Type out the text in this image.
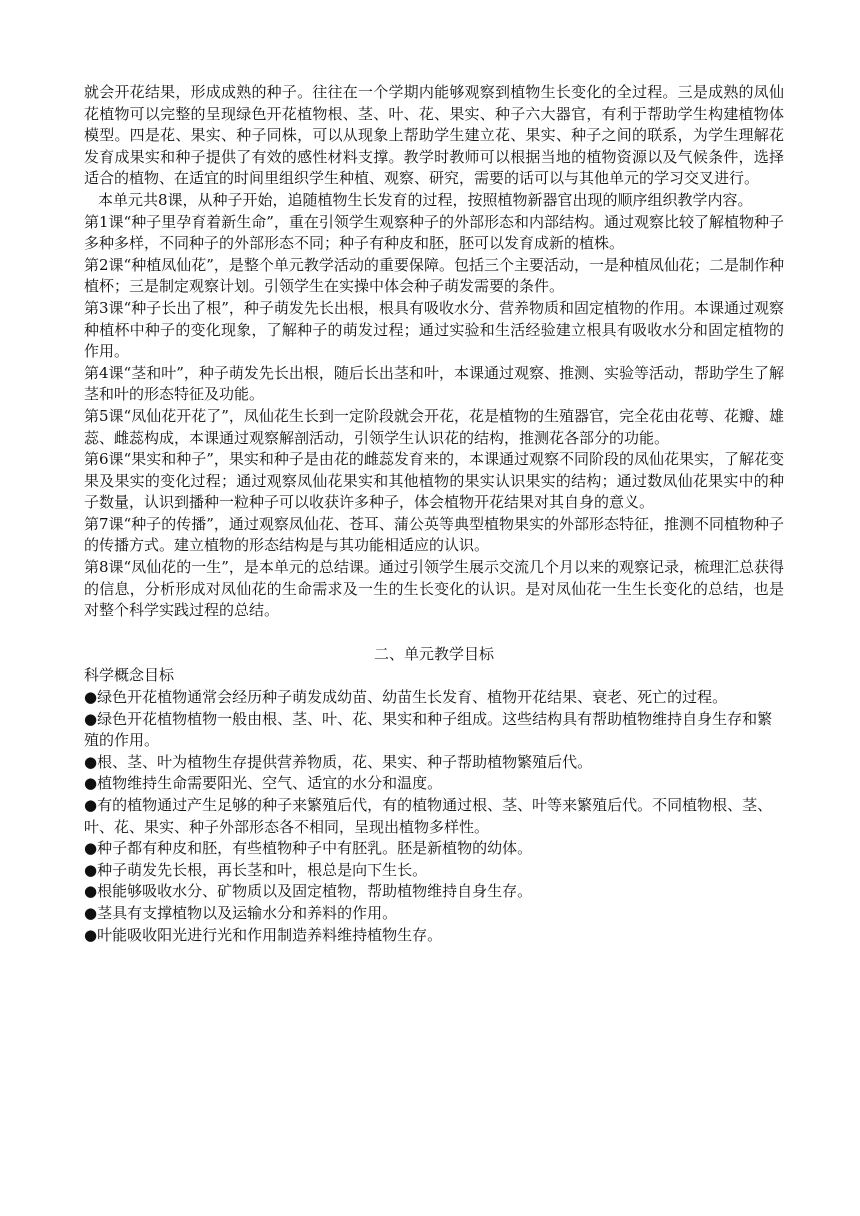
就会开花结果，形成成熟的种子。往往在一个学期内能够观察到植物生长变化的全过程。三是成熟的凤仙花植物可以完整的呈现绿色开花植物根、茎、叶、花、果实、种子六大器官，有利于帮助学生构建植物体模型。四是花、果实、种子同株，可以从现象上帮助学生建立花、果实、种子之间的联系，为学生理解花发育成果实和种子提供了有效的感性材料支撑。教学时教师可以根据当地的植物资源以及气候条件，选择适合的植物、在适宜的时间里组织学生种植、观察、研究，需要的话可以与其他单元的学习交叉进行。

本单元共8课，从种子开始，追随植物生长发育的过程，按照植物新器官出现的顺序组织教学内容。

第1课“种子里孕育着新生命”，重在引领学生观察种子的外部形态和内部结构。通过观察比较了解植物种子多种多样，不同种子的外部形态不同；种子有种皮和胚，胚可以发育成新的植株。

第2课“种植凤仙花”，是整个单元教学活动的重要保障。包括三个主要活动，一是种植凤仙花；二是制作种植杯；三是制定观察计划。引领学生在实操中体会种子萌发需要的条件。

第3课“种子长出了根”，种子萌发先长出根，根具有吸收水分、营养物质和固定植物的作用。本课通过观察种植杯中种子的变化现象，了解种子的萌发过程；通过实验和生活经验建立根具有吸收水分和固定植物的作用。

第4课“茎和叶”，种子萌发先长出根，随后长出茎和叶，本课通过观察、推测、实验等活动，帮助学生了解茎和叶的形态特征及功能。

第5课“凤仙花开花了”，凤仙花生长到一定阶段就会开花，花是植物的生殖器官，完全花由花萼、花瓣、雄蕊、雌蕊构成，本课通过观察解剖活动，引领学生认识花的结构，推测花各部分的功能。

第6课“果实和种子”，果实和种子是由花的雌蕊发育来的，本课通过观察不同阶段的凤仙花果实，了解花变果及果实的变化过程；通过观察凤仙花果实和其他植物的果实认识果实的结构；通过数凤仙花果实中的种子数量，认识到播种一粒种子可以收获许多种子，体会植物开花结果对其自身的意义。

第7课“种子的传播”，通过观察凤仙花、苍耳、蒲公英等典型植物果实的外部形态特征，推测不同植物种子的传播方式。建立植物的形态结构是与其功能相适应的认识。

第8课“凤仙花的一生”，是本单元的总结课。通过引领学生展示交流几个月以来的观察记录，梳理汇总获得的信息，分析形成对凤仙花的生命需求及一生的生长变化的认识。是对凤仙花一生生长变化的总结，也是对整个科学实践过程的总结。

二、单元教学目标

科学概念目标

●绿色开花植物通常会经历种子萌发成幼苗、幼苗生长发育、植物开花结果、衰老、死亡的过程。

●绿色开花植物植物一般由根、茎、叶、花、果实和种子组成。这些结构具有帮助植物维持自身生存和繁殖的作用。

●根、茎、叶为植物生存提供营养物质，花、果实、种子帮助植物繁殖后代。

●植物维持生命需要阳光、空气、适宜的水分和温度。

●有的植物通过产生足够的种子来繁殖后代，有的植物通过根、茎、叶等来繁殖后代。不同植物根、茎、叶、花、果实、种子外部形态各不相同，呈现出植物多样性。

●种子都有种皮和胚，有些植物种子中有胚乳。胚是新植物的幼体。

●种子萌发先长根，再长茎和叶，根总是向下生长。

●根能够吸收水分、矿物质以及固定植物，帮助植物维持自身生存。

●茎具有支撑植物以及运输水分和养料的作用。

●叶能吸收阳光进行光和作用制造养料维持植物生存。
